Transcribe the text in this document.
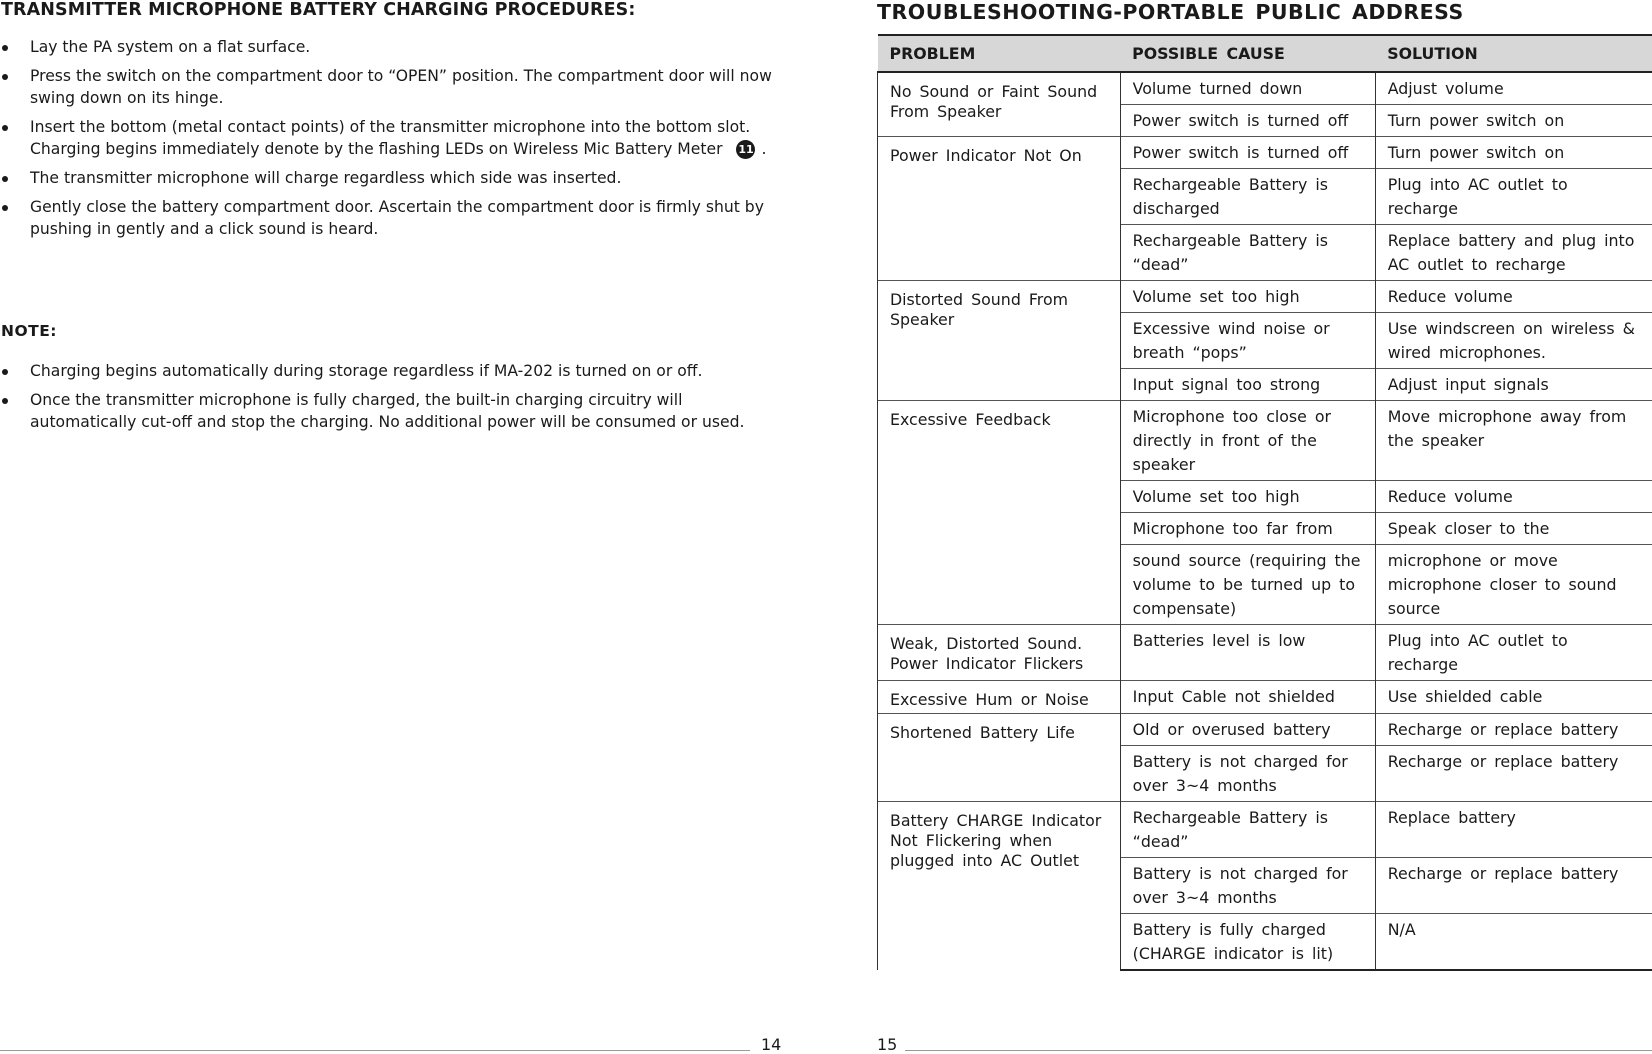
TRANSMITTER MICROPHONE BATTERY CHARGING PROCEDURES:
Lay the PA system on a flat surface.
Press the switch on the compartment door to “OPEN” position. The compartment door will now swing down on its hinge.
Insert the bottom (metal contact points) of the transmitter microphone into the bottom slot. Charging begins immediately denote by the flashing LEDs on Wireless Mic Battery Meter 11 .
The transmitter microphone will charge regardless which side was inserted.
Gently close the battery compartment door. Ascertain the compartment door is firmly shut by pushing in gently and a click sound is heard.
NOTE:
Charging begins automatically during storage regardless if MA-202 is turned on or off.
Once the transmitter microphone is fully charged, the built-in charging circuitry will automatically cut-off and stop the charging. No additional power will be consumed or used.
14
TROUBLESHOOTING-PORTABLE PUBLIC ADDRESS
PROBLEM	POSSIBLE CAUSE	SOLUTION
No Sound or Faint Sound From Speaker	Volume turned down	Adjust volume
	Power switch is turned off	Turn power switch on
Power Indicator Not On	Power switch is turned off	Turn power switch on
	Rechargeable Battery is discharged	Plug into AC outlet to recharge
	Rechargeable Battery is “dead”	Replace battery and plug into AC outlet to recharge
Distorted Sound From Speaker	Volume set too high	Reduce volume
	Excessive wind noise or breath “pops”	Use windscreen on wireless & wired microphones.
	Input signal too strong	Adjust input signals
Excessive Feedback	Microphone too close or directly in front of the speaker	Move microphone away from the speaker
	Volume set too high	Reduce volume
	Microphone too far from	Speak closer to the
	sound source (requiring the volume to be turned up to compensate)	microphone or move microphone closer to sound source
Weak, Distorted Sound. Power Indicator Flickers	Batteries level is low	Plug into AC outlet to recharge
Excessive Hum or Noise	Input Cable not shielded	Use shielded cable
Shortened Battery Life	Old or overused battery	Recharge or replace battery
	Battery is not charged for over 3~4 months	Recharge or replace battery
Battery CHARGE Indicator Not Flickering when plugged into AC Outlet	Rechargeable Battery is “dead”	Replace battery
	Battery is not charged for over 3~4 months	Recharge or replace battery
	Battery is fully charged (CHARGE indicator is lit)	N/A
15
